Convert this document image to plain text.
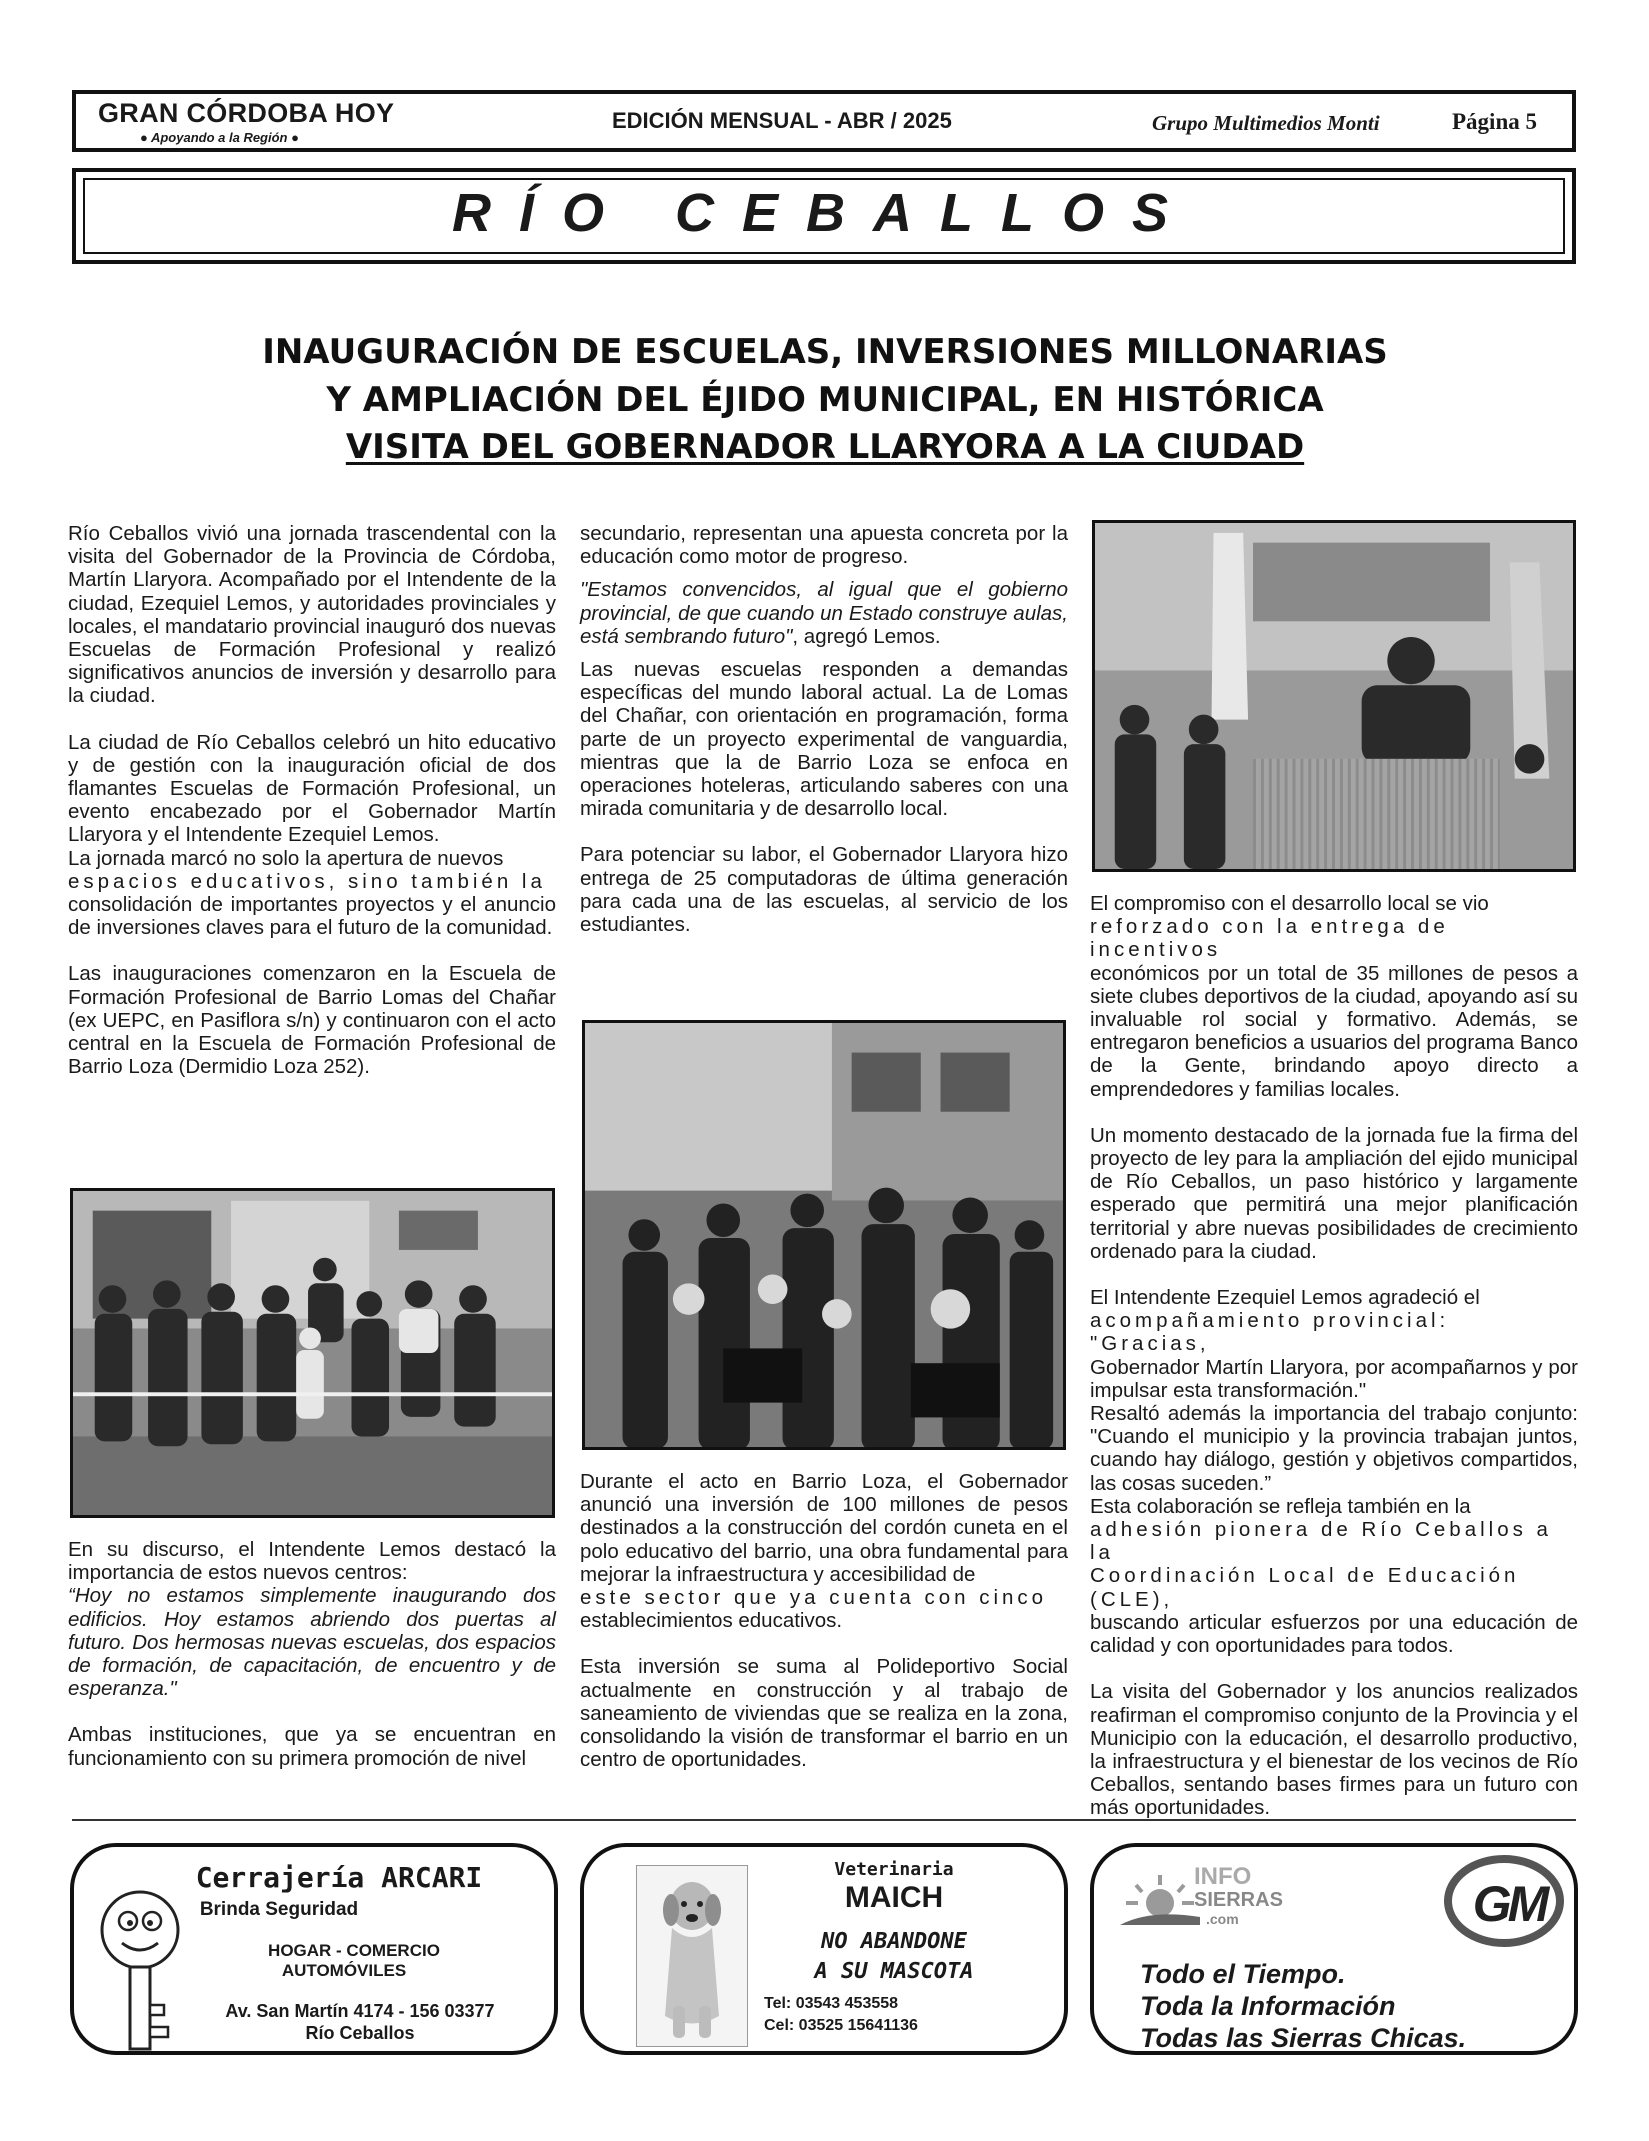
GRAN CÓRDOBA HOY
● Apoyando a la Región ●
EDICIÓN MENSUAL - ABR / 2025	Grupo Multimedios Monti	Página 5
RÍO CEBALLOS
INAUGURACIÓN DE ESCUELAS, INVERSIONES MILLONARIAS
Y AMPLIACIÓN DEL ÉJIDO MUNICIPAL, EN HISTÓRICA
VISITA DEL GOBERNADOR LLARYORA A LA CIUDAD

Río Ceballos vivió una jornada trascendental con la visita del Gobernador de la Provincia de Córdoba, Martín Llaryora. Acompañado por el Intendente de la ciudad, Ezequiel Lemos, y autoridades provinciales y locales, el mandatario provincial inauguró dos nuevas Escuelas de Formación Profesional y realizó significativos anuncios de inversión y desarrollo para la ciudad.

La ciudad de Río Ceballos celebró un hito educativo y de gestión con la inauguración oficial de dos flamantes Escuelas de Formación Profesional, un evento encabezado por el Gobernador Martín Llaryora y el Intendente Ezequiel Lemos.

La jornada marcó no solo la apertura de nuevos

espacios educativos, sino también la

consolidación de importantes proyectos y el anuncio de inversiones claves para el futuro de la comunidad.

Las inauguraciones comenzaron en la Escuela de Formación Profesional de Barrio Lomas del Chañar (ex UEPC, en Pasiflora s/n) y continuaron con el acto central en la Escuela de Formación Profesional de Barrio Loza (Dermidio Loza 252).

En su discurso, el Intendente Lemos destacó la importancia de estos nuevos centros:

“Hoy no estamos simplemente inaugurando dos edificios. Hoy estamos abriendo dos puertas al futuro. Dos hermosas nuevas escuelas, dos espacios de formación, de capacitación, de encuentro y de esperanza."

Ambas instituciones, que ya se encuentran en funcionamiento con su primera promoción de nivel

secundario, representan una apuesta concreta por la educación como motor de progreso.

"Estamos convencidos, al igual que el gobierno provincial, de que cuando un Estado construye aulas, está sembrando futuro", agregó Lemos.

Las nuevas escuelas responden a demandas específicas del mundo laboral actual. La de Lomas del Chañar, con orientación en programación, forma parte de un proyecto experimental de vanguardia, mientras que la de Barrio Loza se enfoca en operaciones hoteleras, articulando saberes con una mirada comunitaria y de desarrollo local.

Para potenciar su labor, el Gobernador Llaryora hizo entrega de 25 computadoras de última generación para cada una de las escuelas, al servicio de los estudiantes.

Durante el acto en Barrio Loza, el Gobernador anunció una inversión de 100 millones de pesos destinados a la construcción del cordón cuneta en el polo educativo del barrio, una obra fundamental para mejorar la infraestructura y accesibilidad de

este sector que ya cuenta con cinco

establecimientos educativos.

Esta inversión se suma al Polideportivo Social actualmente en construcción y al trabajo de saneamiento de viviendas que se realiza en la zona, consolidando la visión de transformar el barrio en un centro de oportunidades.

El compromiso con el desarrollo local se vio

reforzado con la entrega de incentivos

económicos por un total de 35 millones de pesos a siete clubes deportivos de la ciudad, apoyando así su invaluable rol social y formativo. Además, se entregaron beneficios a usuarios del programa Banco de la Gente, brindando apoyo directo a emprendedores y familias locales.

Un momento destacado de la jornada fue la firma del proyecto de ley para la ampliación del ejido municipal de Río Ceballos, un paso histórico y largamente esperado que permitirá una mejor planificación territorial y abre nuevas posibilidades de crecimiento ordenado para la ciudad.

El Intendente Ezequiel Lemos agradeció el

acompañamiento provincial: "Gracias,

Gobernador Martín Llaryora, por acompañarnos y por impulsar esta transformación."

Resaltó además la importancia del trabajo conjunto: "Cuando el municipio y la provincia trabajan juntos, cuando hay diálogo, gestión y objetivos compartidos, las cosas suceden.”

Esta colaboración se refleja también en la

adhesión pionera de Río Ceballos a la

Coordinación Local de Educación (CLE),

buscando articular esfuerzos por una educación de calidad y con oportunidades para todos.

La visita del Gobernador y los anuncios realizados reafirman el compromiso conjunto de la Provincia y el Municipio con la educación, el desarrollo productivo, la infraestructura y el bienestar de los vecinos de Río Ceballos, sentando bases firmes para un futuro con más oportunidades.

Cerrajería ARCARI
Brinda Seguridad
HOGAR - COMERCIO
AUTOMÓVILES
Av. San Martín 4174 - 156 03377
Río Ceballos
Veterinaria
MAICH
NO ABANDONE
A SU MASCOTA
Tel: 03543 453558
Cel: 03525 15641136
INFO
SIERRAS
.com	GM
Todo el Tiempo.
Toda la Información
Todas las Sierras Chicas.
